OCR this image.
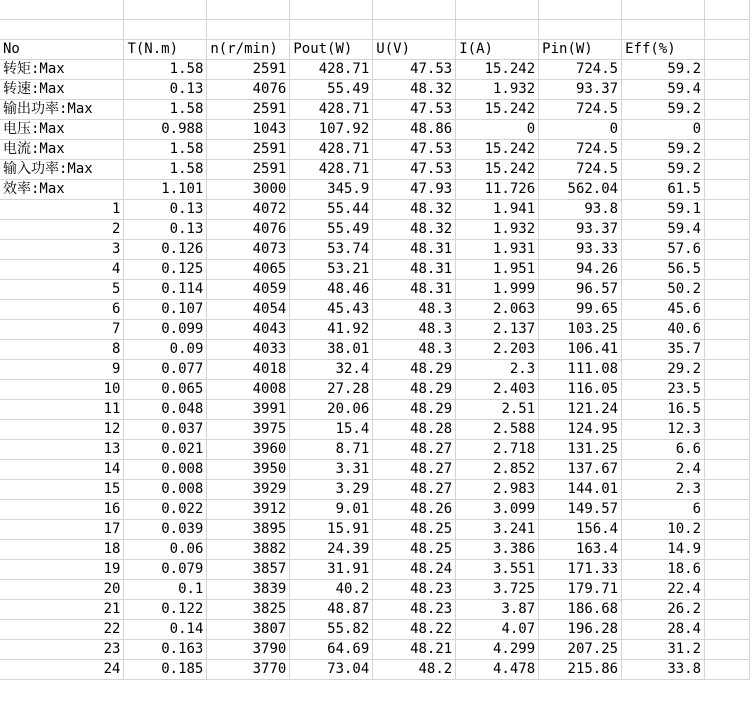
No	T(N.m)	n(r/min)	Pout(W)	U(V)	I(A)	Pin(W)	Eff(%)	
转矩:Max	1.58	2591	428.71	47.53	15.242	724.5	59.2	
转速:Max	0.13	4076	55.49	48.32	1.932	93.37	59.4	
输出功率:Max	1.58	2591	428.71	47.53	15.242	724.5	59.2	
电压:Max	0.988	1043	107.92	48.86	0	0	0	
电流:Max	1.58	2591	428.71	47.53	15.242	724.5	59.2	
输入功率:Max	1.58	2591	428.71	47.53	15.242	724.5	59.2	
效率:Max	1.101	3000	345.9	47.93	11.726	562.04	61.5	
1	0.13	4072	55.44	48.32	1.941	93.8	59.1	
2	0.13	4076	55.49	48.32	1.932	93.37	59.4	
3	0.126	4073	53.74	48.31	1.931	93.33	57.6	
4	0.125	4065	53.21	48.31	1.951	94.26	56.5	
5	0.114	4059	48.46	48.31	1.999	96.57	50.2	
6	0.107	4054	45.43	48.3	2.063	99.65	45.6	
7	0.099	4043	41.92	48.3	2.137	103.25	40.6	
8	0.09	4033	38.01	48.3	2.203	106.41	35.7	
9	0.077	4018	32.4	48.29	2.3	111.08	29.2	
10	0.065	4008	27.28	48.29	2.403	116.05	23.5	
11	0.048	3991	20.06	48.29	2.51	121.24	16.5	
12	0.037	3975	15.4	48.28	2.588	124.95	12.3	
13	0.021	3960	8.71	48.27	2.718	131.25	6.6	
14	0.008	3950	3.31	48.27	2.852	137.67	2.4	
15	0.008	3929	3.29	48.27	2.983	144.01	2.3	
16	0.022	3912	9.01	48.26	3.099	149.57	6	
17	0.039	3895	15.91	48.25	3.241	156.4	10.2	
18	0.06	3882	24.39	48.25	3.386	163.4	14.9	
19	0.079	3857	31.91	48.24	3.551	171.33	18.6	
20	0.1	3839	40.2	48.23	3.725	179.71	22.4	
21	0.122	3825	48.87	48.23	3.87	186.68	26.2	
22	0.14	3807	55.82	48.22	4.07	196.28	28.4	
23	0.163	3790	64.69	48.21	4.299	207.25	31.2	
24	0.185	3770	73.04	48.2	4.478	215.86	33.8	
